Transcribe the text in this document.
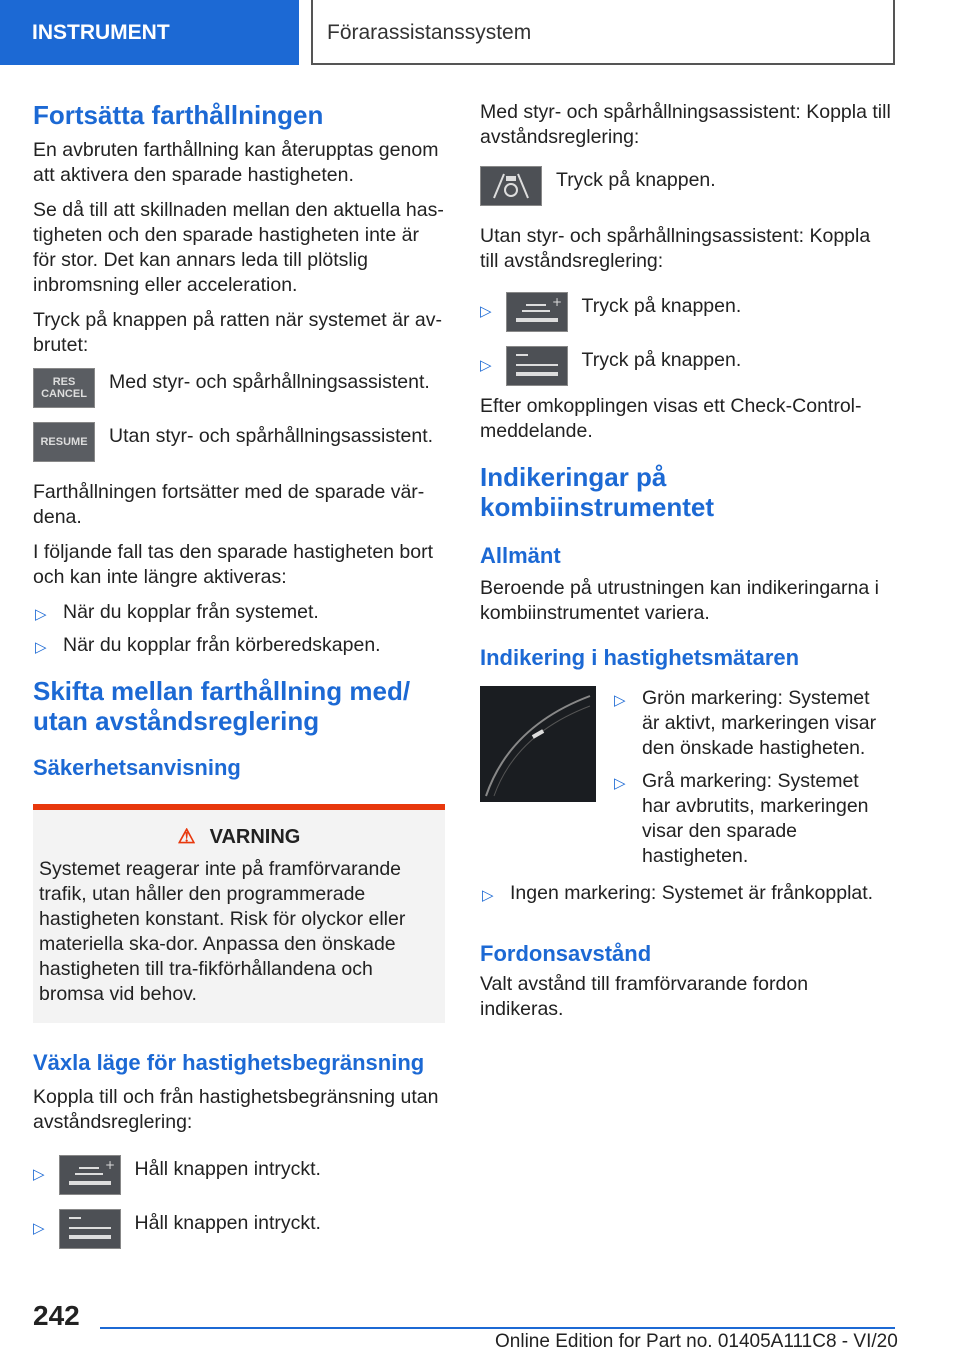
INSTRUMENT	Förarassistanssystem
Fortsätta farthållningen

En avbruten farthållning kan återupptas genom att aktivera den sparade hastigheten.

Se då till att skillnaden mellan den aktuella has-tigheten och den sparade hastigheten inte är för stor. Det kan annars leda till plötslig inbromsning eller acceleration.

Tryck på knappen på ratten när systemet är av-brutet:

RES CANCEL
Med styr- och spårhållningsassistent.
RESUME Utan styr- och spårhållningsassistent.

Farthållningen fortsätter med de sparade vär-dena.

I följande fall tas den sparade hastigheten bort och kan inte längre aktiveras:

▷ När du kopplar från systemet.
▷ När du kopplar från körberedskapen.
Skifta mellan farthållning med/ utan avståndsreglering
Säkerhetsanvisning
⚠ VARNING

Systemet reagerar inte på framförvarande trafik, utan håller den programmerade hastigheten konstant. Risk för olyckor eller materiella ska-dor. Anpassa den önskade hastigheten till tra-fikförhållandena och bromsa vid behov.

Växla läge för hastighetsbegränsning

Koppla till och från hastighetsbegränsning utan avståndsreglering:

▷
+ Håll knappen intryckt.
▷	Håll knappen intryckt.

Med styr- och spårhållningsassistent: Koppla till avståndsreglering:

Tryck på knappen.

Utan styr- och spårhållningsassistent: Koppla till avståndsreglering:

▷
+ Tryck på knappen.
▷	Tryck på knappen.

Efter omkopplingen visas ett Check-Control-meddelande.

Indikeringar på kombiinstrumentet
Allmänt

Beroende på utrustningen kan indikeringarna i kombiinstrumentet variera.

Indikering i hastighetsmätaren
▷ Grön markering: Systemet är aktivt, markeringen visar den önskade hastigheten.
▷ Grå markering: Systemet har avbrutits, markeringen visar den sparade hastigheten.
▷ Ingen markering: Systemet är frånkopplat.
Fordonsavstånd

Valt avstånd till framförvarande fordon indikeras.

242
Online Edition for Part no. 01405A111C8 - VI/20
